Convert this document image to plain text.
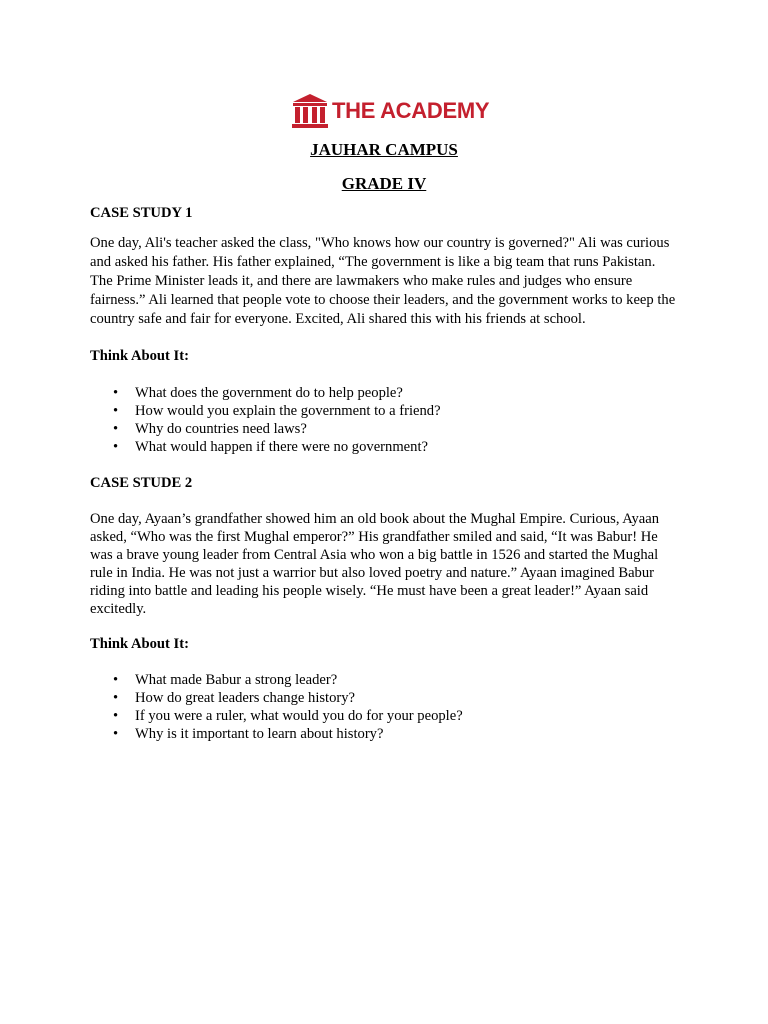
THE ACADEMY
JAUHAR CAMPUS
GRADE IV

CASE STUDY 1

One day, Ali's teacher asked the class, "Who knows how our country is governed?" Ali was curious and asked his father. His father explained, “The government is like a big team that runs Pakistan. The Prime Minister leads it, and there are lawmakers who make rules and judges who ensure fairness.” Ali learned that people vote to choose their leaders, and the government works to keep the country safe and fair for everyone. Excited, Ali shared this with his friends at school.

Think About It:

• What does the government do to help people?
• How would you explain the government to a friend?
• Why do countries need laws?
• What would happen if there were no government?

CASE STUDE 2

One day, Ayaan’s grandfather showed him an old book about the Mughal Empire. Curious, Ayaan asked, “Who was the first Mughal emperor?” His grandfather smiled and said, “It was Babur! He was a brave young leader from Central Asia who won a big battle in 1526 and started the Mughal rule in India. He was not just a warrior but also loved poetry and nature.” Ayaan imagined Babur riding into battle and leading his people wisely. “He must have been a great leader!” Ayaan said excitedly.

Think About It:

• What made Babur a strong leader?
• How do great leaders change history?
• If you were a ruler, what would you do for your people?
• Why is it important to learn about history?
